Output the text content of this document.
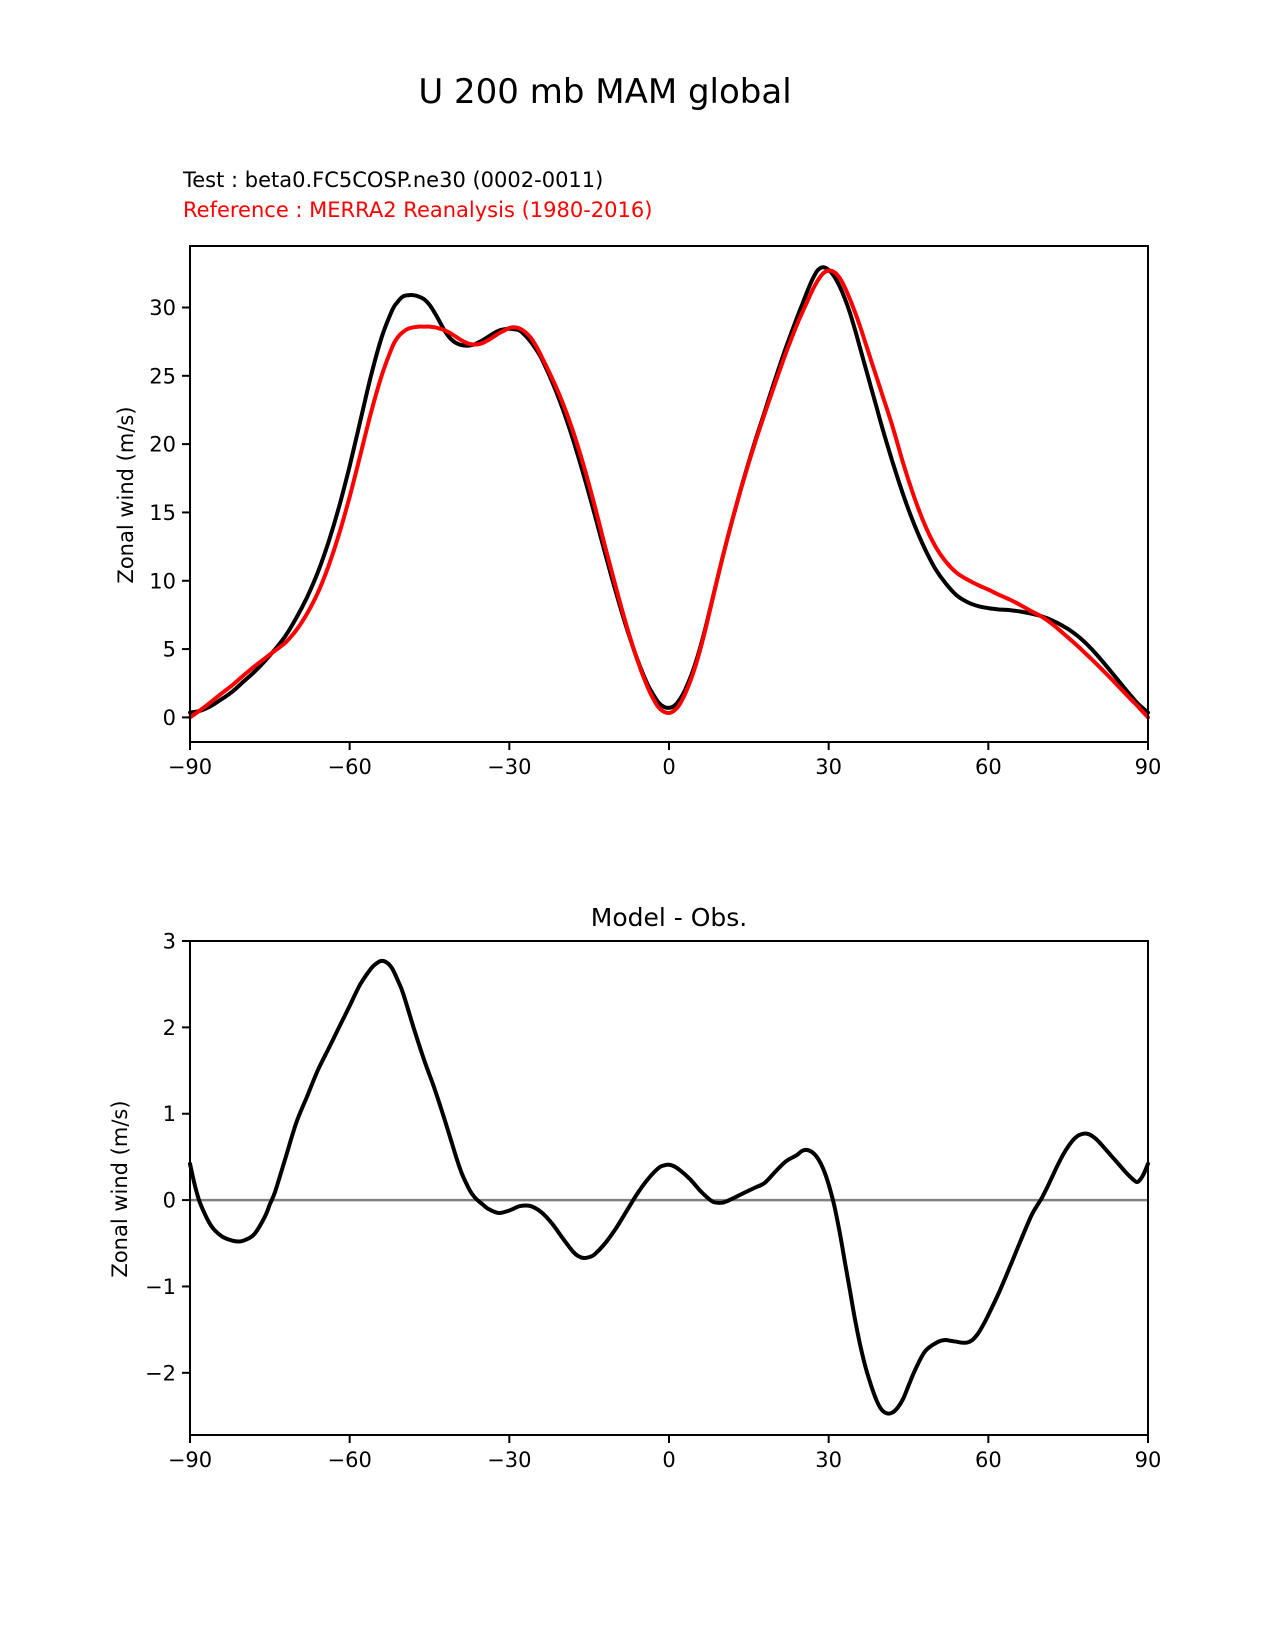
−90	−60	−30	0	30	60	90
0
5
10
15
20
25
30
−90	−60	−30	0	30	60	90
−2
−1
0
1
2
3
U 200 mb MAM global
Test : beta0.FC5COSP.ne30 (0002-0011)
Reference : MERRA2 Reanalysis (1980-2016)
Zonal wind (m/s)
Model - Obs.
Zonal wind (m/s)
